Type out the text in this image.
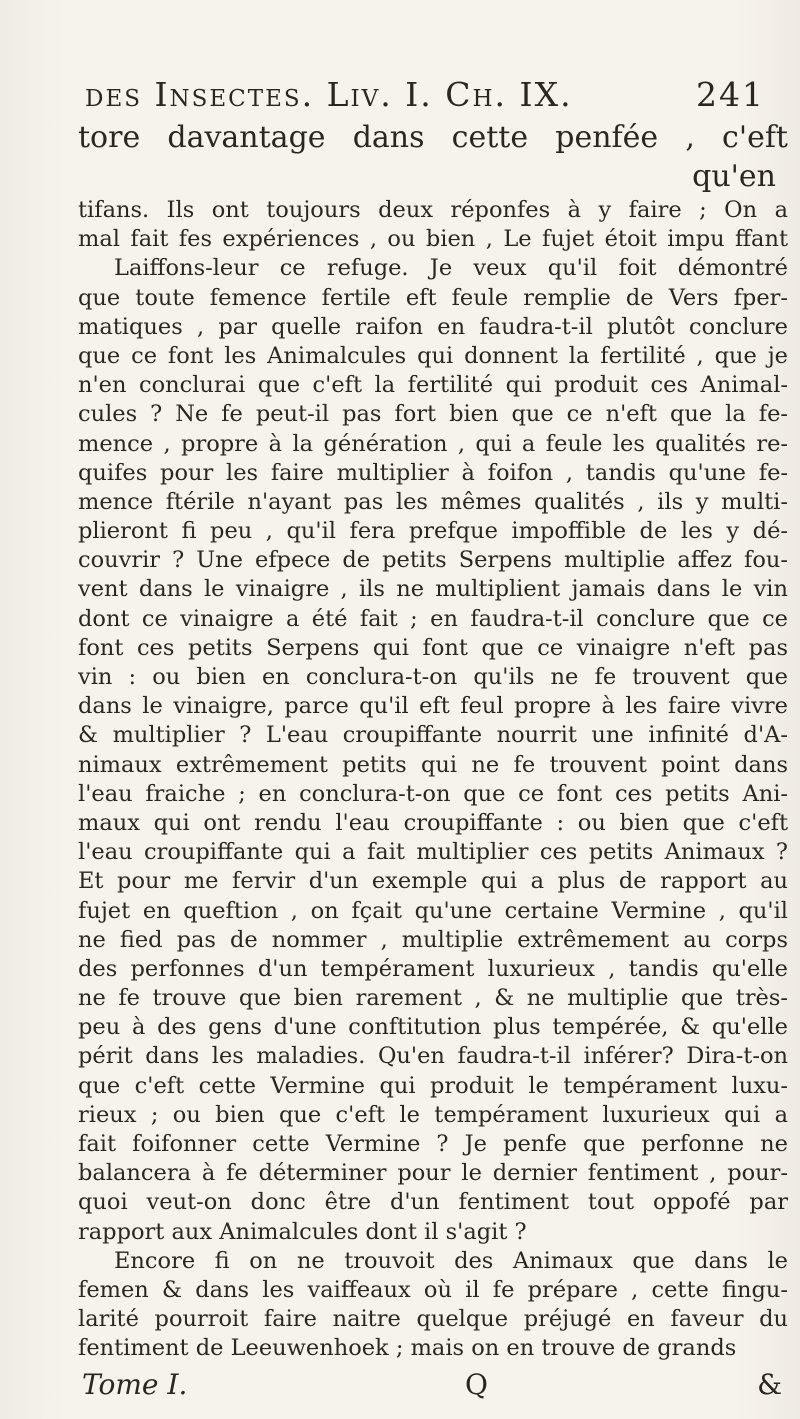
des Insectes. Liv. I. Ch. IX.	241
tore davantage dans cette penfée , c'eft
qu'en
tifans. Ils ont toujours deux réponfes à y faire ; On a
mal fait fes expériences , ou bien , Le fujet étoit impu ffant
Laiffons-leur ce refuge. Je veux qu'il foit démontré
que toute femence fertile eft feule remplie de Vers fper-
matiques , par quelle raifon en faudra-t-il plutôt conclure
que ce font les Animalcules qui donnent la fertilité , que je
n'en conclurai que c'eft la fertilité qui produit ces Animal-
cules ? Ne fe peut-il pas fort bien que ce n'eft que la fe-
mence , propre à la génération , qui a feule les qualités re-
quifes pour les faire multiplier à foifon , tandis qu'une fe-
mence ftérile n'ayant pas les mêmes qualités , ils y multi-
plieront fi peu , qu'il fera prefque impoffible de les y dé-
couvrir ? Une efpece de petits Serpens multiplie affez fou-
vent dans le vinaigre , ils ne multiplient jamais dans le vin
dont ce vinaigre a été fait ; en faudra-t-il conclure que ce
font ces petits Serpens qui font que ce vinaigre n'eft pas
vin : ou bien en conclura-t-on qu'ils ne fe trouvent que
dans le vinaigre, parce qu'il eft feul propre à les faire vivre
& multiplier ? L'eau croupiffante nourrit une infinité d'A-
nimaux extrêmement petits qui ne fe trouvent point dans
l'eau fraiche ; en conclura-t-on que ce font ces petits Ani-
maux qui ont rendu l'eau croupiffante : ou bien que c'eft
l'eau croupiffante qui a fait multiplier ces petits Animaux ?
Et pour me fervir d'un exemple qui a plus de rapport au
fujet en queftion , on fçait qu'une certaine Vermine , qu'il
ne fied pas de nommer , multiplie extrêmement au corps
des perfonnes d'un tempérament luxurieux , tandis qu'elle
ne fe trouve que bien rarement , & ne multiplie que très-
peu à des gens d'une conftitution plus tempérée, & qu'elle
périt dans les maladies. Qu'en faudra-t-il inférer? Dira-t-on
que c'eft cette Vermine qui produit le tempérament luxu-
rieux ; ou bien que c'eft le tempérament luxurieux qui a
fait foifonner cette Vermine ? Je penfe que perfonne ne
balancera à fe déterminer pour le dernier fentiment , pour-
quoi veut-on donc être d'un fentiment tout oppofé par
rapport aux Animalcules dont il s'agit ?
Encore fi on ne trouvoit des Animaux que dans le
femen & dans les vaiffeaux où il fe prépare , cette fingu-
larité pourroit faire naitre quelque préjugé en faveur du
fentiment de Leeuwenhoek ; mais on en trouve de grands
Tome I.	Q	&
